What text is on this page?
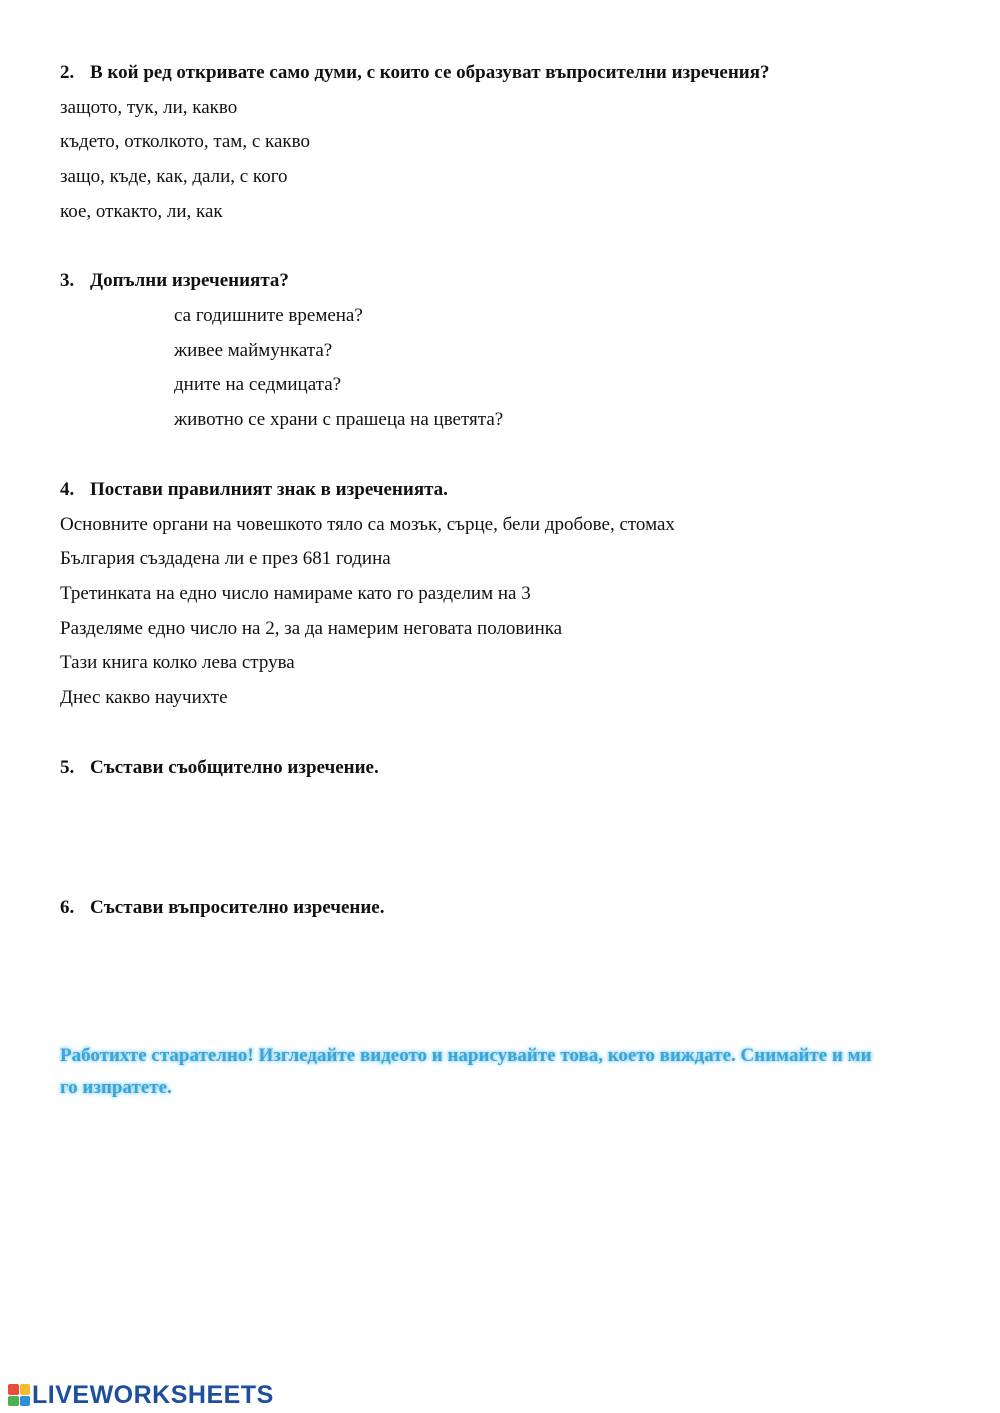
2. В кой ред откривате само думи, с които се образуват въпросителни изречения?
защото, тук, ли, какво
където, отколкото, там, с какво
защо, къде, как, дали, с кого
кое, откакто, ли, как
3. Допълни изреченията?
са годишните времена?
живее маймунката?
дните на седмицата?
животно се храни с прашеца на цветята?
4. Постави правилният знак в изреченията.
Основните органи на човешкото тяло са мозък, сърце, бели дробове, стомах
България създадена ли е през 681 година
Третинката на едно число намираме като го разделим на 3
Разделяме едно число на 2, за да намерим неговата половинка
Тази книга колко лева струва
Днес какво научихте
5. Състави съобщително изречение.
6. Състави въпросително изречение.
Работихте старателно! Изгледайте видеото и нарисувайте това, което виждате. Снимайте и ми
го изпратете.
LIVEWORKSHEETS
